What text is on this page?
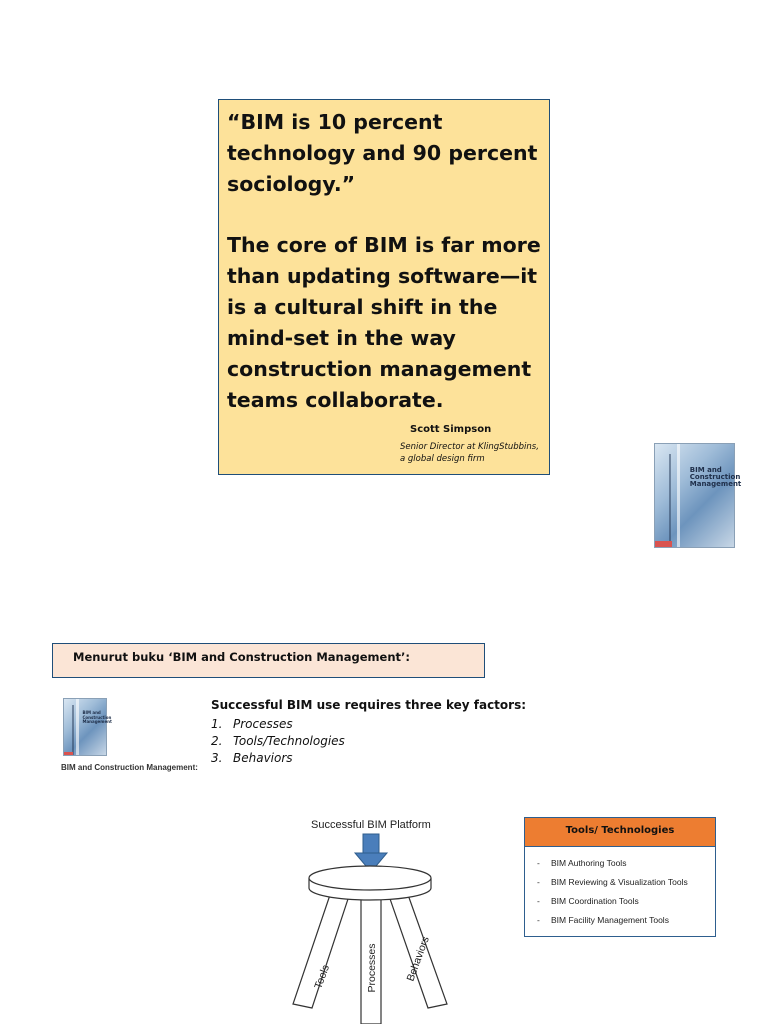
“BIM is 10 percent technology and 90 percent sociology.”

The core of BIM is far more than updating software—it is a cultural shift in the mind-set in the way construction management teams collaborate.

Scott Simpson

Senior Director at KlingStubbins,

a global design firm

BIM and Construction Management

Menurut buku ‘BIM and Construction Management’:

BIM and Construction Management

BIM and Construction Management:

Successful BIM use requires three key factors:

1. Processes
2. Tools/Technologies
3. Behaviors

Successful BIM Platform

Tools	Processes	Behaviors

Tools/ Technologies

- BIM Authoring Tools
- BIM Reviewing & Visualization Tools
- BIM Coordination Tools
- BIM Facility Management Tools
